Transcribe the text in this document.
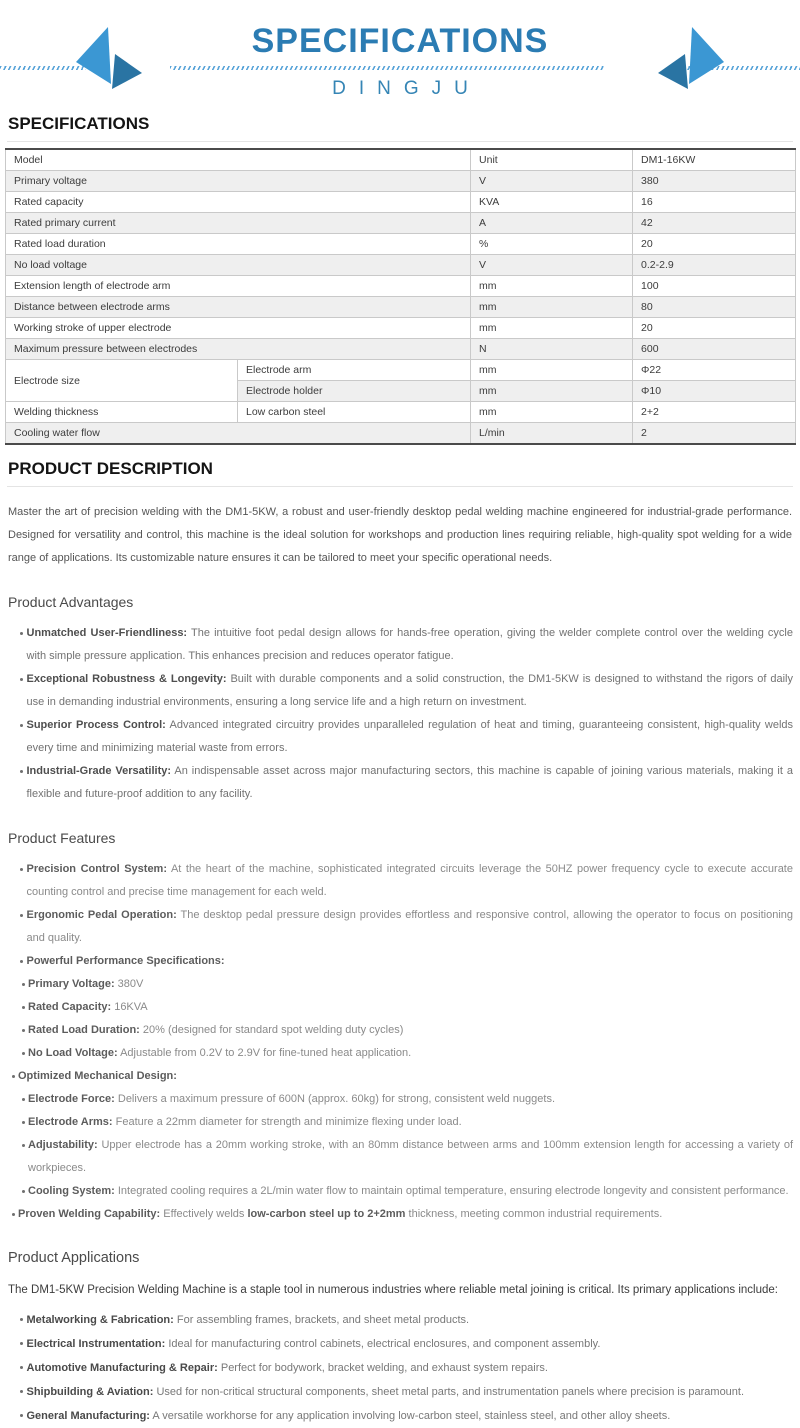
SPECIFICATIONS
DINGJU
SPECIFICATIONS
Model		Unit	DM1-16KW
Primary voltage		V	380
Rated capacity		KVA	16
Rated primary current		A	42
Rated load duration		%	20
No load voltage		V	0.2-2.9
Extension length of electrode arm		mm	100
Distance between electrode arms		mm	80
Working stroke of upper electrode		mm	20
Maximum pressure between electrodes		N	600
Electrode size	Electrode arm	mm	Φ22
	Electrode holder	mm	Φ10
Welding thickness	Low carbon steel	mm	2+2
Cooling water flow		L/min	2
PRODUCT DESCRIPTION

Master the art of precision welding with the DM1-5KW, a robust and user-friendly desktop pedal welding machine engineered for industrial-grade performance. Designed for versatility and control, this machine is the ideal solution for workshops and production lines requiring reliable, high-quality spot welding for a wide range of applications. Its customizable nature ensures it can be tailored to meet your specific operational needs.

Product Advantages
Unmatched User-Friendliness: The intuitive foot pedal design allows for hands-free operation, giving the welder complete control over the welding cycle with simple pressure application. This enhances precision and reduces operator fatigue.
Exceptional Robustness & Longevity: Built with durable components and a solid construction, the DM1-5KW is designed to withstand the rigors of daily use in demanding industrial environments, ensuring a long service life and a high return on investment.
Superior Process Control: Advanced integrated circuitry provides unparalleled regulation of heat and timing, guaranteeing consistent, high-quality welds every time and minimizing material waste from errors.
Industrial-Grade Versatility: An indispensable asset across major manufacturing sectors, this machine is capable of joining various materials, making it a flexible and future-proof addition to any facility.
Product Features
Precision Control System: At the heart of the machine, sophisticated integrated circuits leverage the 50HZ power frequency cycle to execute accurate counting control and precise time management for each weld.
Ergonomic Pedal Operation: The desktop pedal pressure design provides effortless and responsive control, allowing the operator to focus on positioning and quality.
Powerful Performance Specifications:
Primary Voltage: 380V
Rated Capacity: 16KVA
Rated Load Duration: 20% (designed for standard spot welding duty cycles)
No Load Voltage: Adjustable from 0.2V to 2.9V for fine-tuned heat application.
Optimized Mechanical Design:
Electrode Force: Delivers a maximum pressure of 600N (approx. 60kg) for strong, consistent weld nuggets.
Electrode Arms: Feature a 22mm diameter for strength and minimize flexing under load.
Adjustability: Upper electrode has a 20mm working stroke, with an 80mm distance between arms and 100mm extension length for accessing a variety of workpieces.
Cooling System: Integrated cooling requires a 2L/min water flow to maintain optimal temperature, ensuring electrode longevity and consistent performance.
Proven Welding Capability: Effectively welds low-carbon steel up to 2+2mm thickness, meeting common industrial requirements.
Product Applications

The DM1-5KW Precision Welding Machine is a staple tool in numerous industries where reliable metal joining is critical. Its primary applications include:

Metalworking & Fabrication: For assembling frames, brackets, and sheet metal products.
Electrical Instrumentation: Ideal for manufacturing control cabinets, electrical enclosures, and component assembly.
Automotive Manufacturing & Repair: Perfect for bodywork, bracket welding, and exhaust system repairs.
Shipbuilding & Aviation: Used for non-critical structural components, sheet metal parts, and instrumentation panels where precision is paramount.
General Manufacturing: A versatile workhorse for any application involving low-carbon steel, stainless steel, and other alloy sheets.
